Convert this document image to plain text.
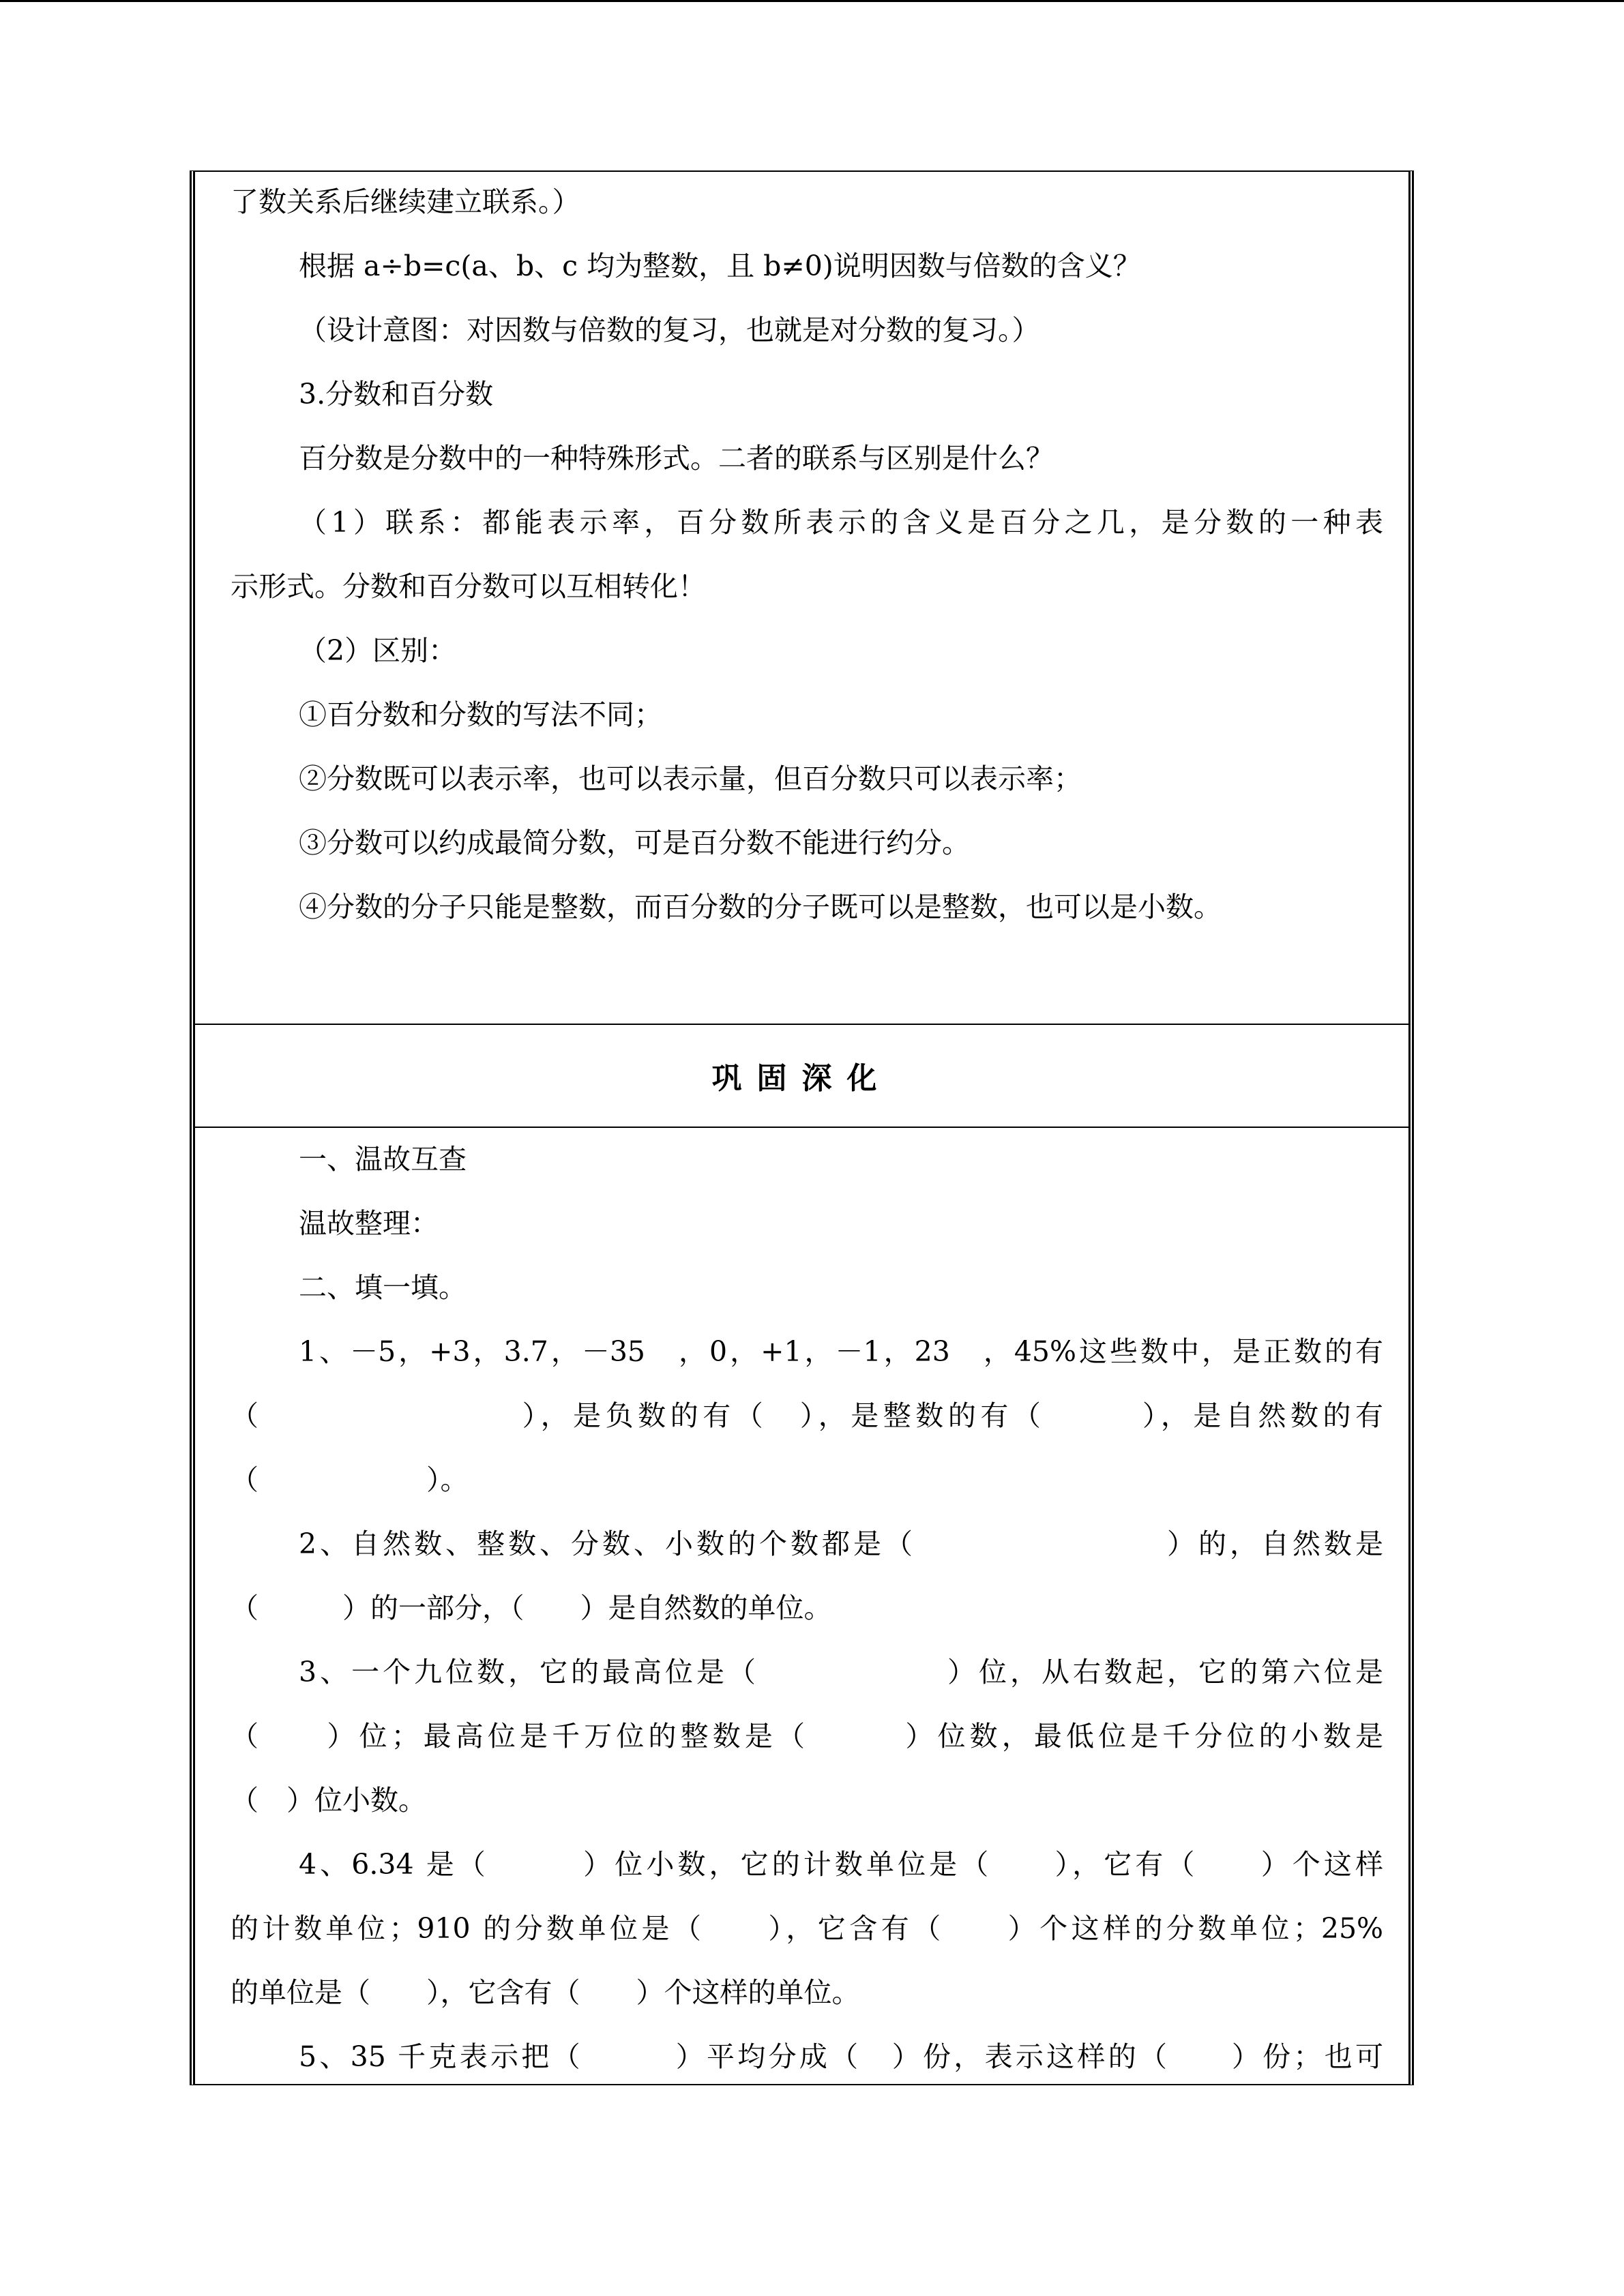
了数关系后继续建立联系。）
根据 a÷b=c(a、b、c 均为整数，且 b≠0)说明因数与倍数的含义？
（设计意图：对因数与倍数的复习，也就是对分数的复习。）
3.分数和百分数
百分数是分数中的一种特殊形式。二者的联系与区别是什么？
（1）联系：都能表示率，百分数所表示的含义是百分之几，是分数的一种表
示形式。分数和百分数可以互相转化！
（2）区别：
①百分数和分数的写法不同；
②分数既可以表示率，也可以表示量，但百分数只可以表示率；
③分数可以约成最简分数，可是百分数不能进行约分。
④分数的分子只能是整数，而百分数的分子既可以是整数，也可以是小数。
巩固深化
一、温故互查
温故整理：
二、填一填。
1、－5，+3，3.7，－35　，0，+1，－1，23　，45%这些数中，是正数的有
（　　　　　　　　），是负数的有（　），是整数的有（　　　），是自然数的有
（　　　　　　）。
2、自然数、整数、分数、小数的个数都是（　　　　　　　　）的，自然数是
（　　　）的一部分，（　　）是自然数的单位。
3、一个九位数，它的最高位是（　　　　　　）位，从右数起，它的第六位是
（　　）位；最高位是千万位的整数是（　　　）位数，最低位是千分位的小数是
（　）位小数。
4、6.34 是（　　　）位小数，它的计数单位是（　　），它有（　　）个这样
的计数单位；910 的分数单位是（　　），它含有（　　）个这样的分数单位；25%
的单位是（　　），它含有（　　）个这样的单位。
5、35 千克表示把（　　　）平均分成（　）份，表示这样的（　　）份；也可
